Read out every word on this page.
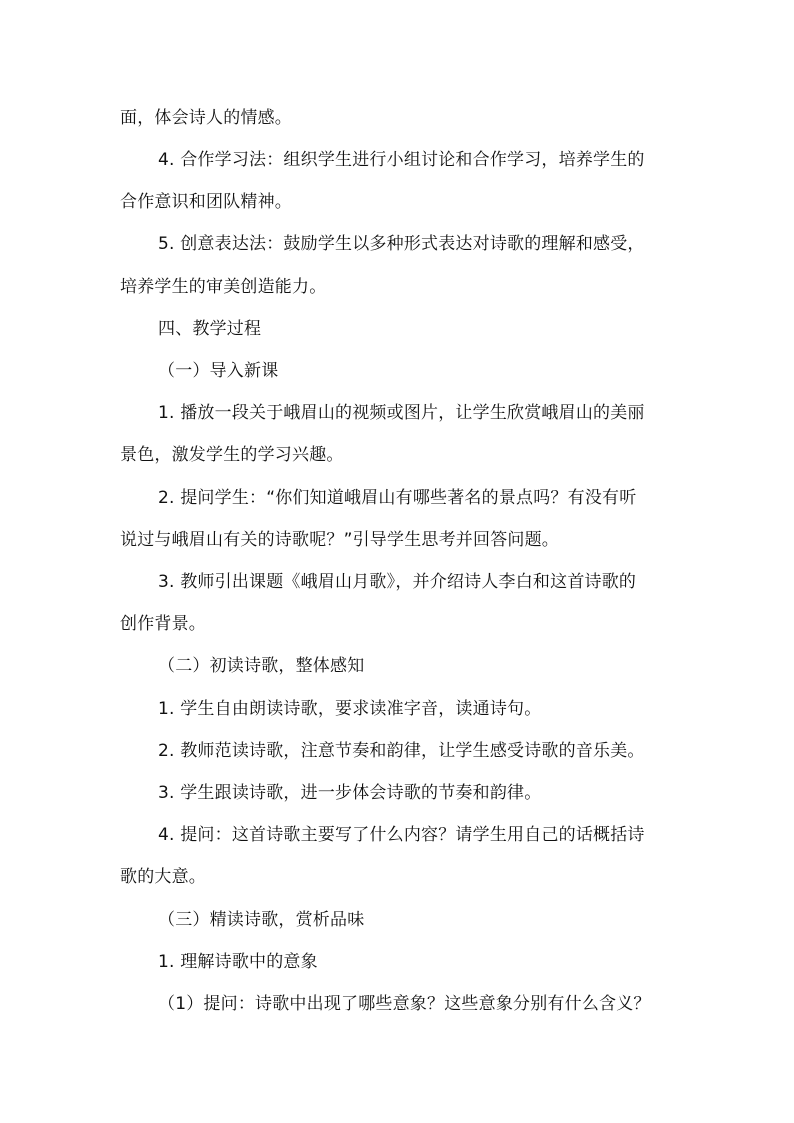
面，体会诗人的情感。
4. 合作学习法：组织学生进行小组讨论和合作学习，培养学生的
合作意识和团队精神。
5. 创意表达法：鼓励学生以多种形式表达对诗歌的理解和感受，
培养学生的审美创造能力。
四、教学过程
（一）导入新课
1. 播放一段关于峨眉山的视频或图片，让学生欣赏峨眉山的美丽
景色，激发学生的学习兴趣。
2. 提问学生：“你们知道峨眉山有哪些著名的景点吗？有没有听
说过与峨眉山有关的诗歌呢？”引导学生思考并回答问题。
3. 教师引出课题《峨眉山月歌》，并介绍诗人李白和这首诗歌的
创作背景。
（二）初读诗歌，整体感知
1. 学生自由朗读诗歌，要求读准字音，读通诗句。
2. 教师范读诗歌，注意节奏和韵律，让学生感受诗歌的音乐美。
3. 学生跟读诗歌，进一步体会诗歌的节奏和韵律。
4. 提问：这首诗歌主要写了什么内容？请学生用自己的话概括诗
歌的大意。
（三）精读诗歌，赏析品味
1. 理解诗歌中的意象
（1）提问：诗歌中出现了哪些意象？这些意象分别有什么含义？
